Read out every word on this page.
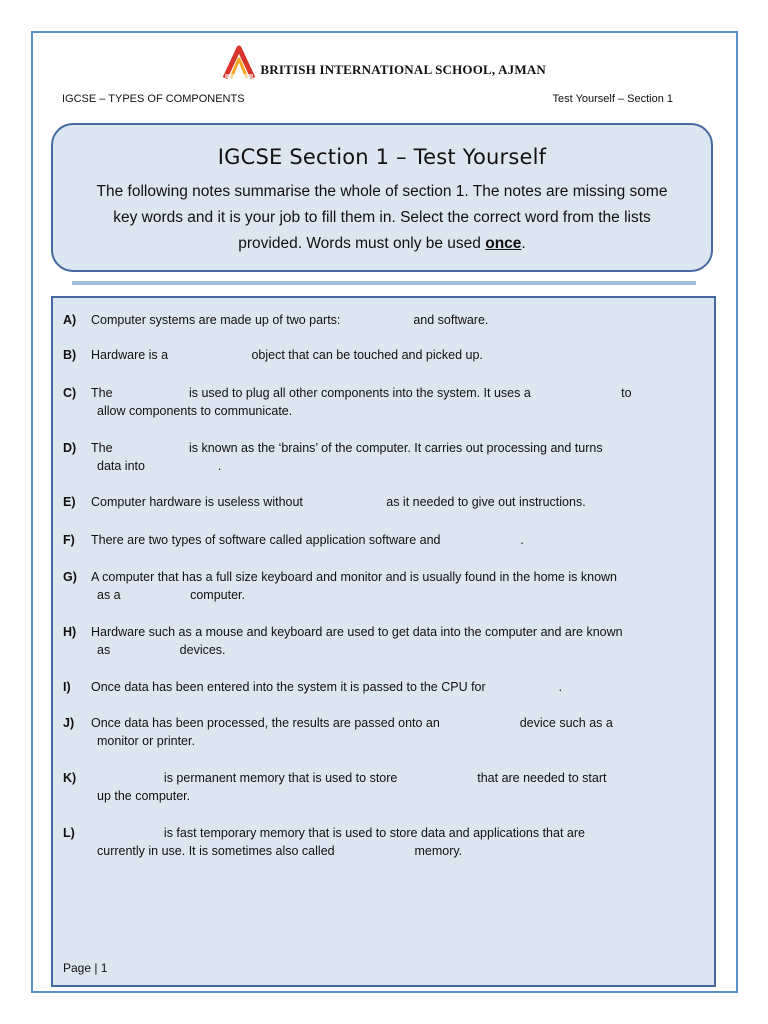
BRITISH INTERNATIONAL SCHOOL, AJMAN
IGCSE – TYPES OF COMPONENTS	Test Yourself – Section 1
IGCSE Section 1 – Test Yourself
The following notes summarise the whole of section 1. The notes are missing some key words and it is your job to fill them in. Select the correct word from the lists provided. Words must only be used once.
A) Computer systems are made up of two parts:                     and software.
B) Hardware is a                        object that can be touched and picked up.
C) The                      is used to plug all other components into the system. It uses a                          to
allow components to communicate.
D) The                      is known as the ‘brains’ of the computer. It carries out processing and turns
data into                     .
E) Computer hardware is useless without                        as it needed to give out instructions.
F) There are two types of software called application software and                       .
G) A computer that has a full size keyboard and monitor and is usually found in the home is known
as a                    computer.
H) Hardware such as a mouse and keyboard are used to get data into the computer and are known
as                    devices.
I) Once data has been entered into the system it is passed to the CPU for                     .
J) Once data has been processed, the results are passed onto an                       device such as a
monitor or printer.
K) is permanent memory that is used to store                       that are needed to start
up the computer.
L) is fast temporary memory that is used to store data and applications that are
currently in use. It is sometimes also called                       memory.
Page | 1
